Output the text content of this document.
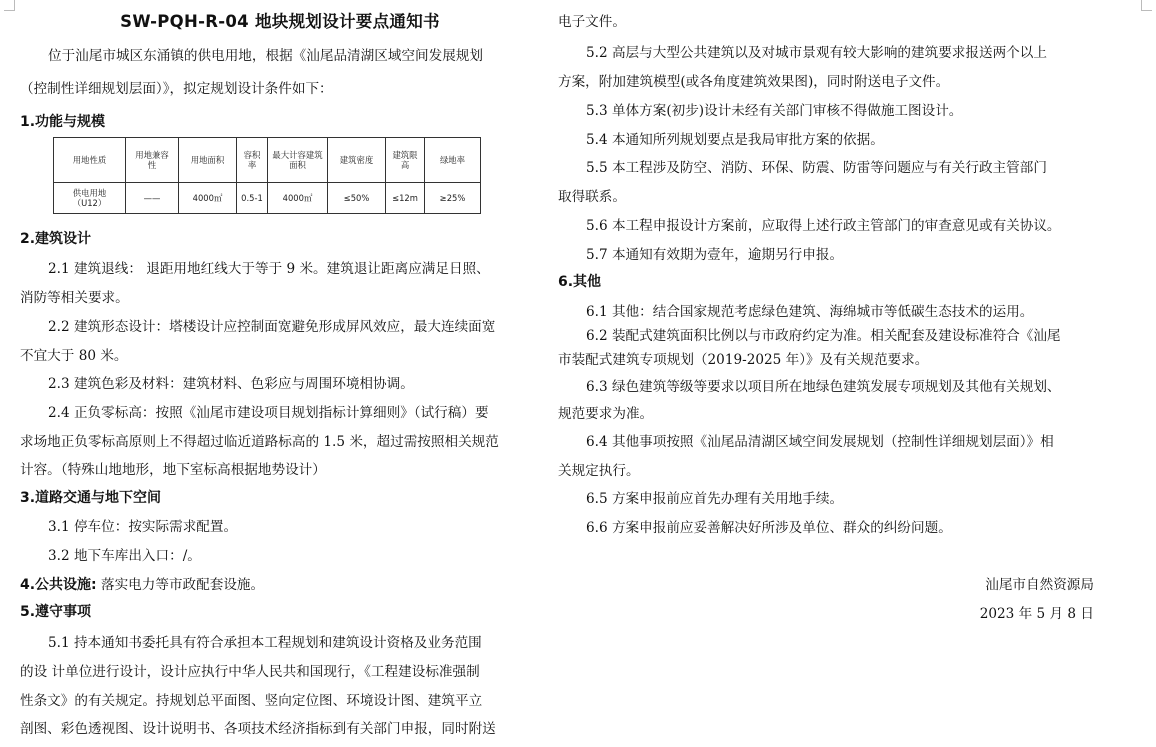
SW-PQH-R-04 地块规划设计要点通知书
位于汕尾市城区东涌镇的供电用地，根据《汕尾品清湖区域空间发展规划
（控制性详细规划层面）》，拟定规划设计条件如下：
1.功能与规模
用地性质	用地兼容性	用地面积	容积率	最大计容建筑面积	建筑密度	建筑限高	绿地率
供电用地（U12）	——	4000㎡	0.5-1	4000㎡	≤50%	≤12m	≥25%
2.建筑设计
2.1 建筑退线： 退距用地红线大于等于 9 米。建筑退让距离应满足日照、
消防等相关要求。
2.2 建筑形态设计：塔楼设计应控制面宽避免形成屏风效应，最大连续面宽
不宜大于 80 米。
2.3 建筑色彩及材料：建筑材料、色彩应与周围环境相协调。
2.4 正负零标高：按照《汕尾市建设项目规划指标计算细则》（试行稿）要
求场地正负零标高原则上不得超过临近道路标高的 1.5 米，超过需按照相关规范
计容。（特殊山地地形，地下室标高根据地势设计）
3.道路交通与地下空间
3.1 停车位：按实际需求配置。
3.2 地下车库出入口：/。
4.公共设施: 落实电力等市政配套设施。
5.遵守事项
5.1 持本通知书委托具有符合承担本工程规划和建筑设计资格及业务范围
的设 计单位进行设计，设计应执行中华人民共和国现行，《工程建设标准强制
性条文》的有关规定。持规划总平面图、竖向定位图、环境设计图、建筑平立
剖图、彩色透视图、设计说明书、各项技术经济指标到有关部门申报，同时附送
电子文件。
5.2 高层与大型公共建筑以及对城市景观有较大影响的建筑要求报送两个以上
方案，附加建筑模型(或各角度建筑效果图)，同时附送电子文件。
5.3 单体方案(初步)设计未经有关部门审核不得做施工图设计。
5.4 本通知所列规划要点是我局审批方案的依据。
5.5 本工程涉及防空、消防、环保、防震、防雷等问题应与有关行政主管部门
取得联系。
5.6 本工程申报设计方案前，应取得上述行政主管部门的审查意见或有关协议。
5.7 本通知有效期为壹年，逾期另行申报。
6.其他
6.1 其他：结合国家规范考虑绿色建筑、海绵城市等低碳生态技术的运用。
6.2 装配式建筑面积比例以与市政府约定为准。相关配套及建设标准符合《汕尾
市装配式建筑专项规划（2019-2025 年）》及有关规范要求。
6.3 绿色建筑等级等要求以项目所在地绿色建筑发展专项规划及其他有关规划、
规范要求为准。
6.4 其他事项按照《汕尾品清湖区域空间发展规划（控制性详细规划层面）》相
关规定执行。
6.5 方案申报前应首先办理有关用地手续。
6.6 方案申报前应妥善解决好所涉及单位、群众的纠纷问题。
汕尾市自然资源局
2023 年 5 月 8 日
